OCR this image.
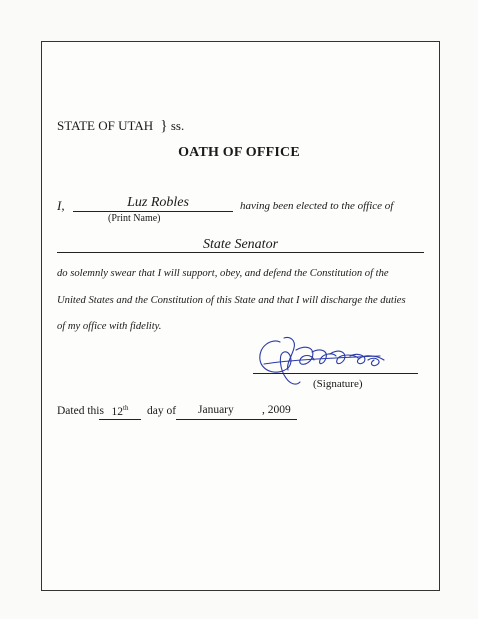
STATE OF UTAH } ss.
OATH OF OFFICE
I,	Luz Robles
(Print Name)
having been elected to the office of
State Senator
do solemnly swear that I will support, obey, and defend the Constitution of the
United States and the Constitution of this State and that I will discharge the duties
of my office with fidelity.
(Signature)
Dated this 12th	day of January , 2009
